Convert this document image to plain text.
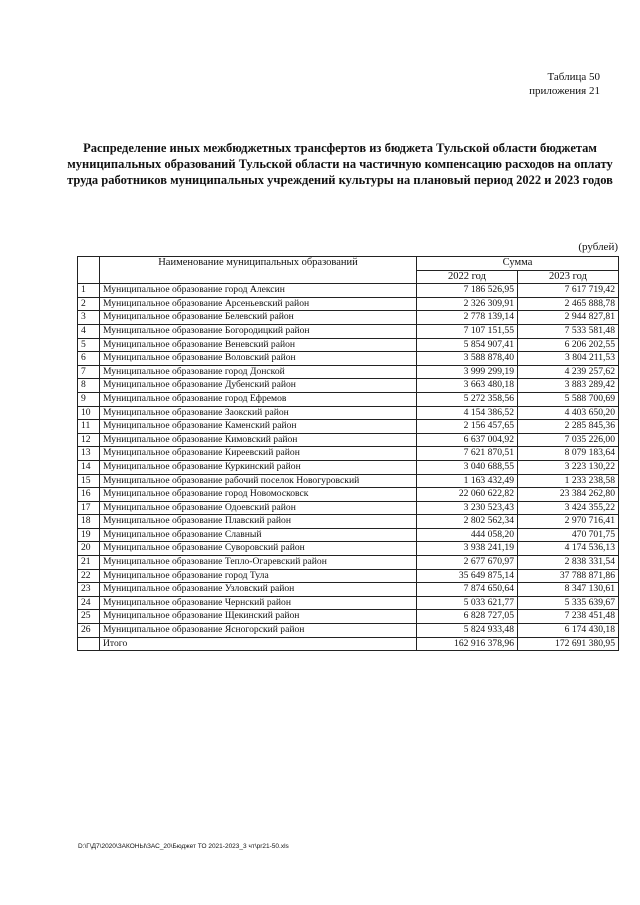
Таблица 50
приложения 21
Распределение иных межбюджетных трансфертов из бюджета Тульской области бюджетам муниципальных образований Тульской области на частичную компенсацию расходов на оплату труда работников муниципальных учреждений культуры на плановый период 2022 и 2023 годов
(рублей)
	Наименование муниципальных образований	Сумма	
		2022 год	2023 год
1	Муниципальное образование город Алексин	7 186 526,95	7 617 719,42
2	Муниципальное образование Арсеньевский район	2 326 309,91	2 465 888,78
3	Муниципальное образование Белевский район	2 778 139,14	2 944 827,81
4	Муниципальное образование Богородицкий район	7 107 151,55	7 533 581,48
5	Муниципальное образование Веневский район	5 854 907,41	6 206 202,55
6	Муниципальное образование Воловский район	3 588 878,40	3 804 211,53
7	Муниципальное образование город Донской	3 999 299,19	4 239 257,62
8	Муниципальное образование Дубенский район	3 663 480,18	3 883 289,42
9	Муниципальное образование город Ефремов	5 272 358,56	5 588 700,69
10	Муниципальное образование Заокский район	4 154 386,52	4 403 650,20
11	Муниципальное образование Каменский район	2 156 457,65	2 285 845,36
12	Муниципальное образование Кимовский район	6 637 004,92	7 035 226,00
13	Муниципальное образование Киреевский район	7 621 870,51	8 079 183,64
14	Муниципальное образование Куркинский район	3 040 688,55	3 223 130,22
15	Муниципальное образование рабочий поселок Новогуровский	1 163 432,49	1 233 238,58
16	Муниципальное образование город Новомосковск	22 060 622,82	23 384 262,80
17	Муниципальное образование Одоевский район	3 230 523,43	3 424 355,22
18	Муниципальное образование Плавский район	2 802 562,34	2 970 716,41
19	Муниципальное образование Славный	444 058,20	470 701,75
20	Муниципальное образование Суворовский район	3 938 241,19	4 174 536,13
21	Муниципальное образование Тепло-Огаревский район	2 677 670,97	2 838 331,54
22	Муниципальное образование город Тула	35 649 875,14	37 788 871,86
23	Муниципальное образование Узловский район	7 874 650,64	8 347 130,61
24	Муниципальное образование Чернский район	5 033 621,77	5 335 639,67
25	Муниципальное образование Щекинский район	6 828 727,05	7 238 451,48
26	Муниципальное образование Ясногорский район	5 824 933,48	6 174 430,18
	Итого	162 916 378,96	172 691 380,95
D:\Г\Д7\2020\ЗАКОНЫ\ЗАС_20\Бюджет ТО 2021-2023_3 чт\pr21-50.xls
